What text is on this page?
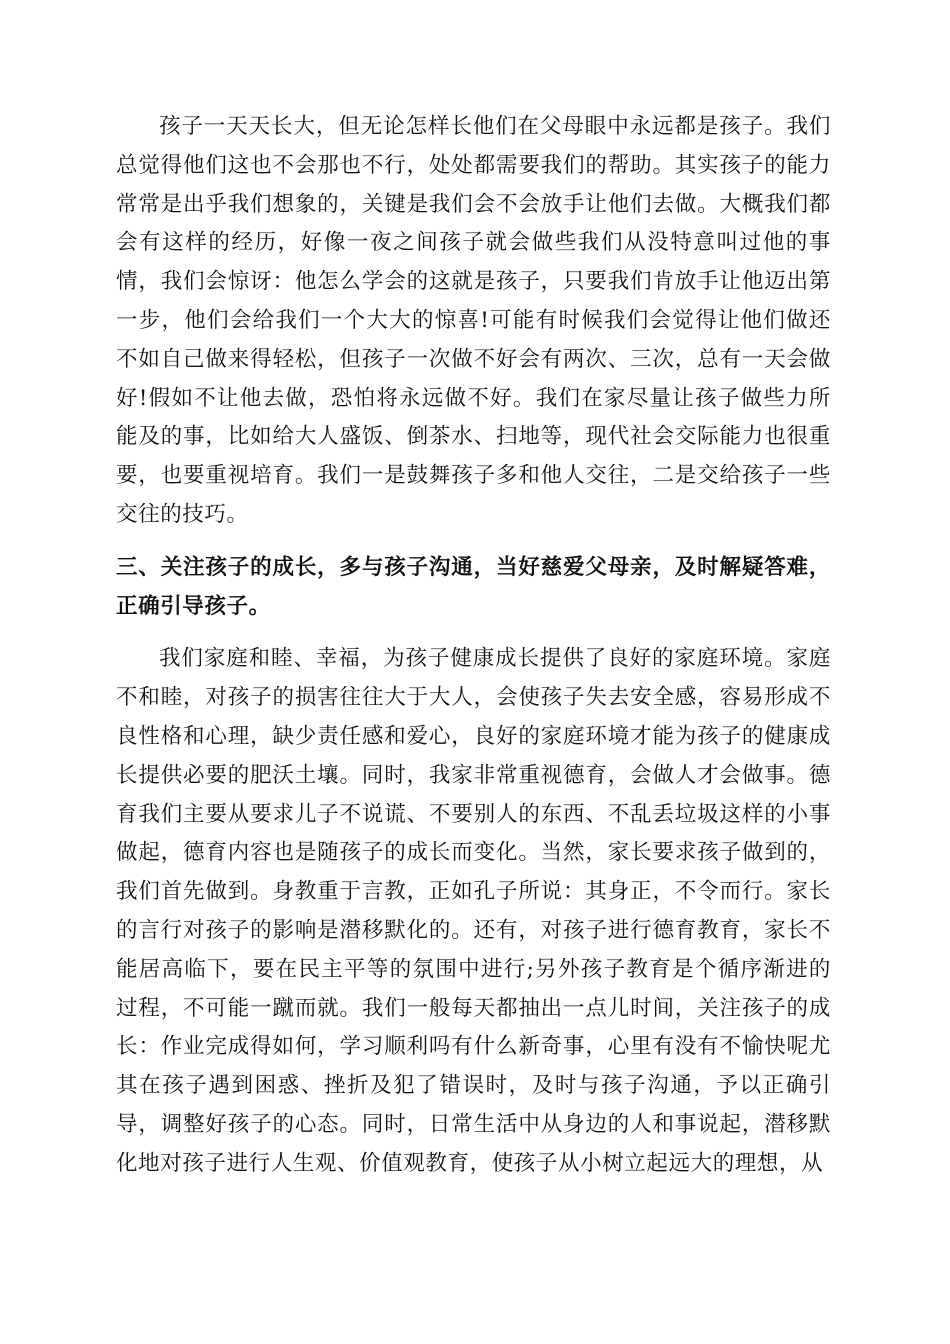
孩子一天天长大，但无论怎样长他们在父母眼中永远都是孩子。我们总觉得他们这也不会那也不行，处处都需要我们的帮助。其实孩子的能力常常是出乎我们想象的，关键是我们会不会放手让他们去做。大概我们都会有这样的经历，好像一夜之间孩子就会做些我们从没特意叫过他的事情，我们会惊讶：他怎么学会的这就是孩子，只要我们肯放手让他迈出第一步，他们会给我们一个大大的惊喜!可能有时候我们会觉得让他们做还不如自己做来得轻松，但孩子一次做不好会有两次、三次，总有一天会做好!假如不让他去做，恐怕将永远做不好。我们在家尽量让孩子做些力所能及的事，比如给大人盛饭、倒茶水、扫地等，现代社会交际能力也很重要，也要重视培育。我们一是鼓舞孩子多和他人交往，二是交给孩子一些交往的技巧。

三、关注孩子的成长，多与孩子沟通，当好慈爱父母亲，及时解疑答难，正确引导孩子。

我们家庭和睦、幸福，为孩子健康成长提供了良好的家庭环境。家庭不和睦，对孩子的损害往往大于大人，会使孩子失去安全感，容易形成不良性格和心理，缺少责任感和爱心，良好的家庭环境才能为孩子的健康成长提供必要的肥沃土壤。同时，我家非常重视德育，会做人才会做事。德育我们主要从要求儿子不说谎、不要别人的东西、不乱丢垃圾这样的小事做起，德育内容也是随孩子的成长而变化。当然，家长要求孩子做到的，我们首先做到。身教重于言教，正如孔子所说：其身正，不令而行。家长的言行对孩子的影响是潜移默化的。还有，对孩子进行德育教育，家长不能居高临下，要在民主平等的氛围中进行;另外孩子教育是个循序渐进的过程，不可能一蹴而就。我们一般每天都抽出一点儿时间，关注孩子的成长：作业完成得如何，学习顺利吗有什么新奇事，心里有没有不愉快呢尤其在孩子遇到困惑、挫折及犯了错误时，及时与孩子沟通，予以正确引导，调整好孩子的心态。同时，日常生活中从身边的人和事说起，潜移默化地对孩子进行人生观、价值观教育，使孩子从小树立起远大的理想，从
